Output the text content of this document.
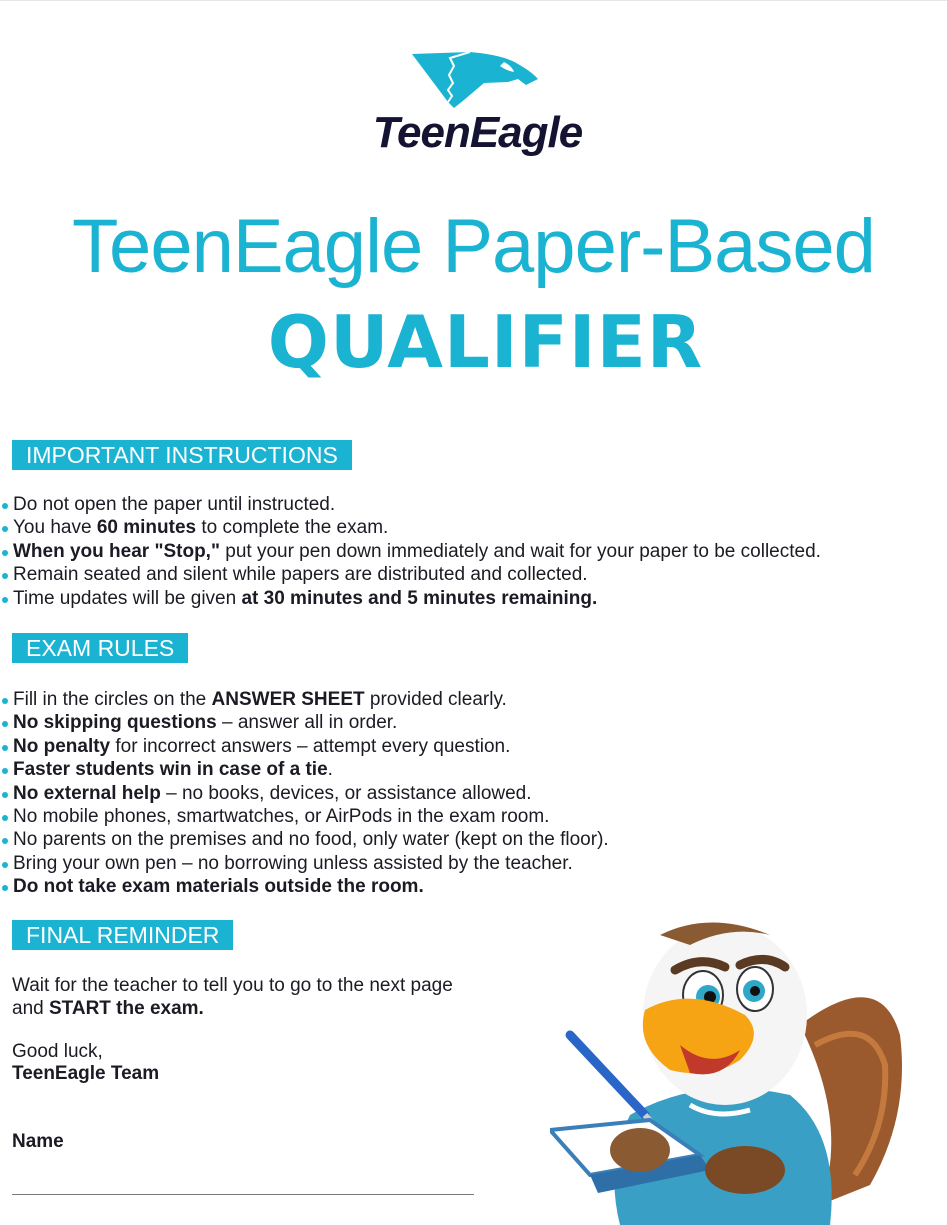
TeenEagle
TeenEagle Paper-Based
QUALIFIER
IMPORTANT INSTRUCTIONS
Do not open the paper until instructed.
You have 60 minutes to complete the exam.
When you hear "Stop," put your pen down immediately and wait for your paper to be collected.
Remain seated and silent while papers are distributed and collected.
Time updates will be given at 30 minutes and 5 minutes remaining.
EXAM RULES
Fill in the circles on the ANSWER SHEET provided clearly.
No skipping questions – answer all in order.
No penalty for incorrect answers – attempt every question.
Faster students win in case of a tie.
No external help – no books, devices, or assistance allowed.
No mobile phones, smartwatches, or AirPods in the exam room.
No parents on the premises and no food, only water (kept on the floor).
Bring your own pen – no borrowing unless assisted by the teacher.
Do not take exam materials outside the room.
FINAL REMINDER
Wait for the teacher to tell you to go to the next page
and START the exam.
Good luck,
TeenEagle Team
Name
